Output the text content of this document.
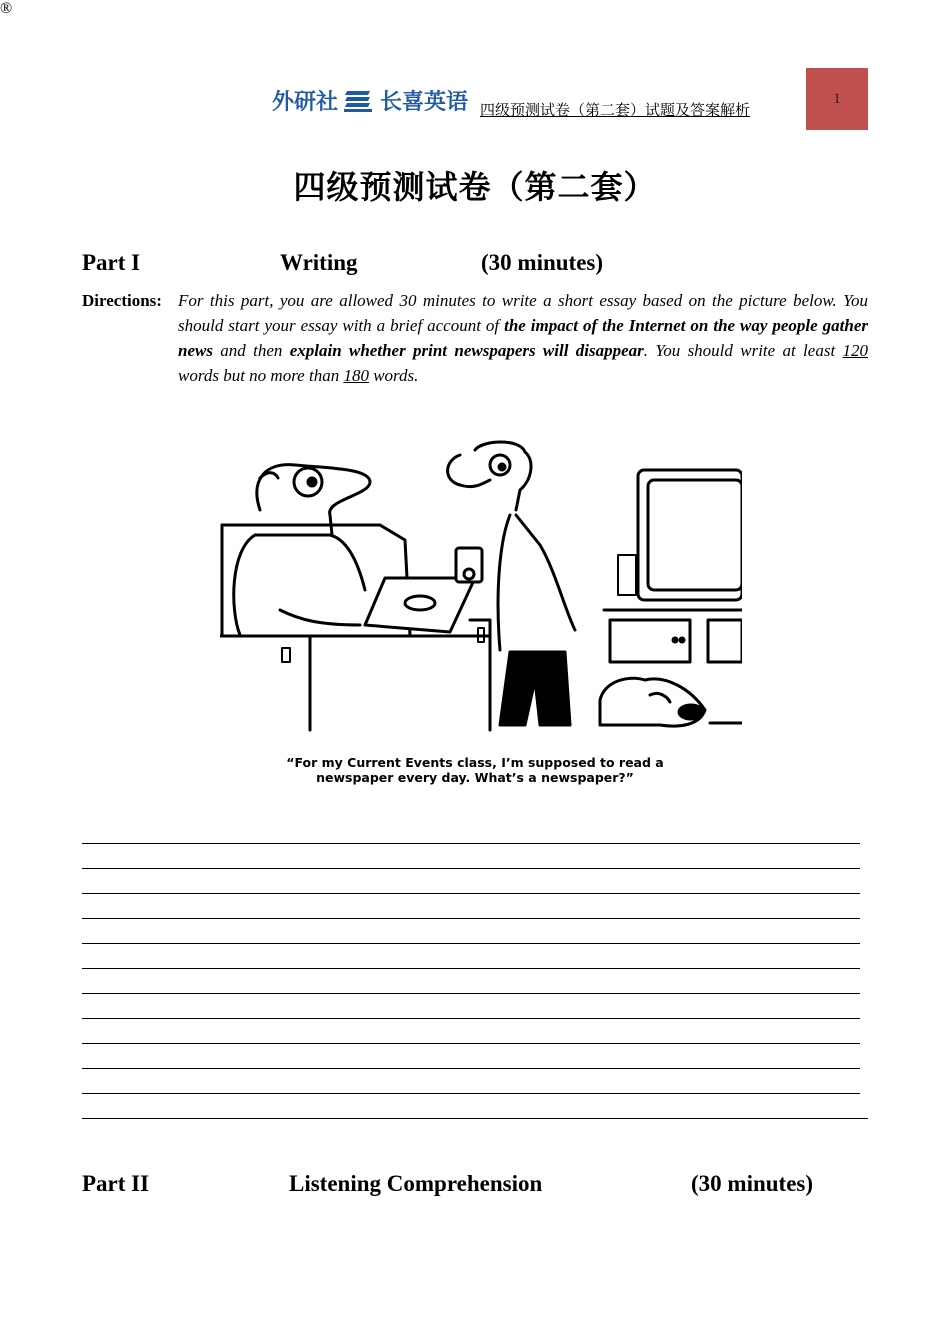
外研社 长喜英语
®
四级预测试卷（第二套）试题及答案解析
1
四级预测试卷（第二套）
Part I	Writing	(30 minutes)
Directions: For this part, you are allowed 30 minutes to write a short essay based on the picture below. You should start your essay with a brief account of the impact of the Internet on the way people gather news and then explain whether print newspapers will disappear. You should write at least 120 words but no more than 180 words.
“For my Current Events class, I’m supposed to read a
newspaper every day. What’s a newspaper?”
Part II	Listening Comprehension	(30 minutes)
